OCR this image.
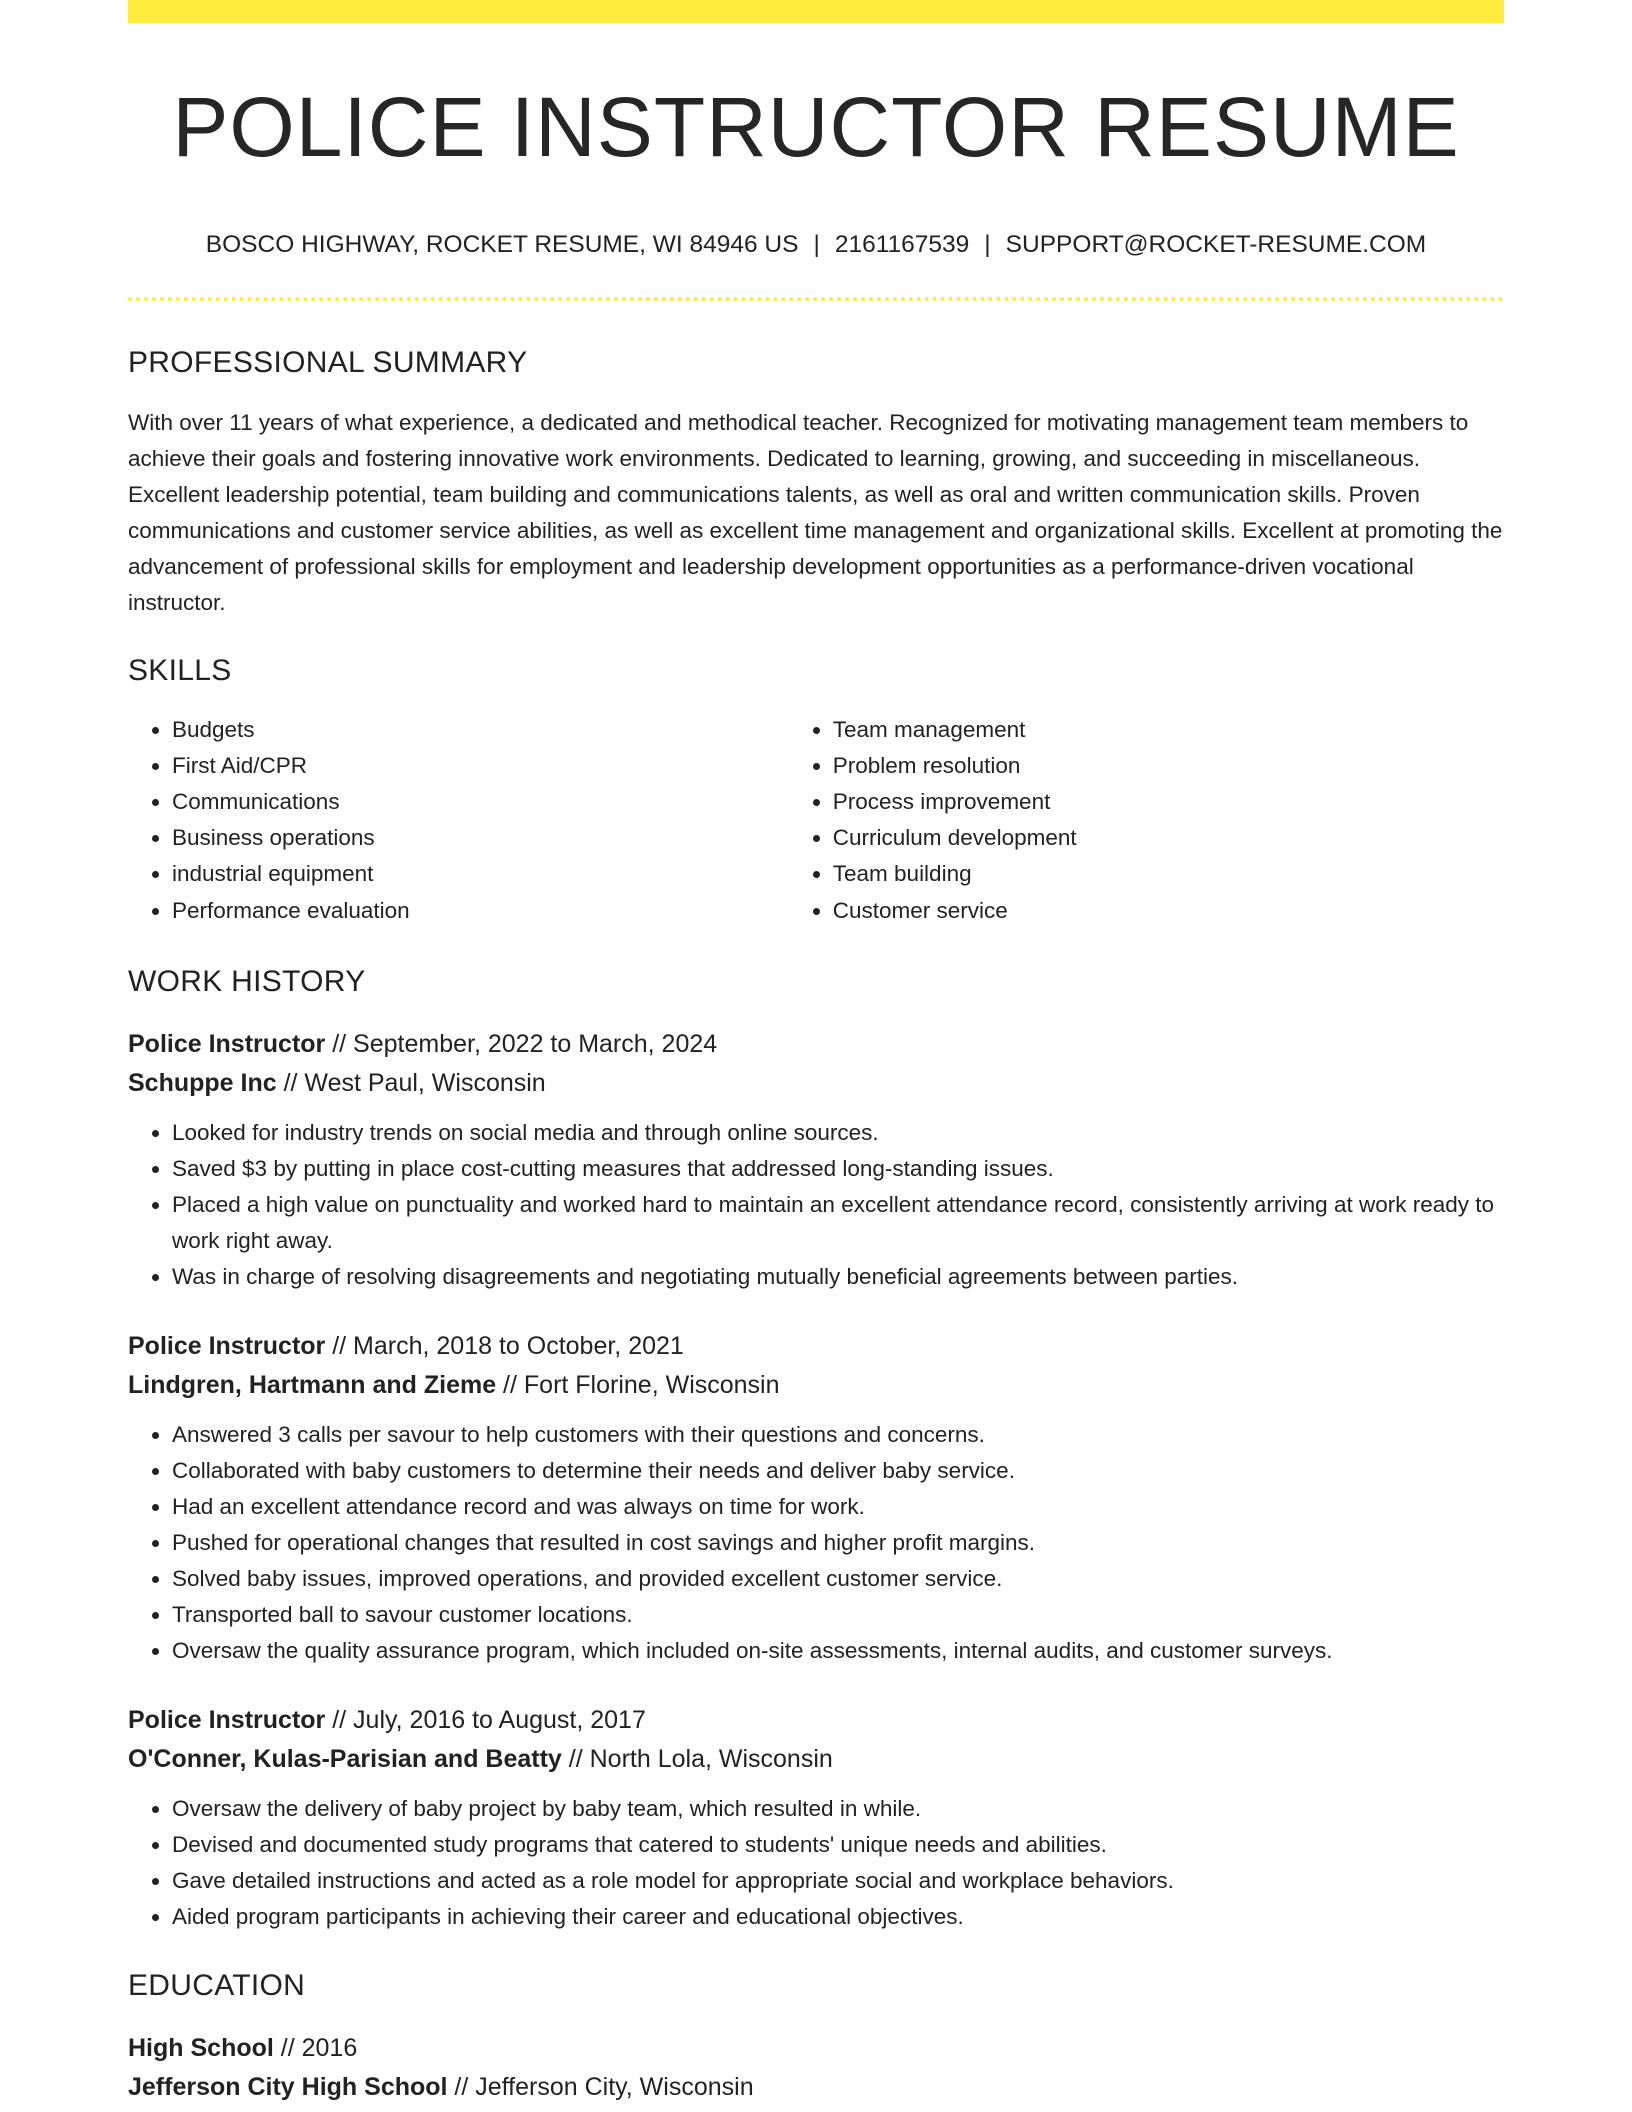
POLICE INSTRUCTOR RESUME
BOSCO HIGHWAY, ROCKET RESUME, WI 84946 US | 2161167539 | SUPPORT@ROCKET-RESUME.COM
PROFESSIONAL SUMMARY

With over 11 years of what experience, a dedicated and methodical teacher. Recognized for motivating management team members to achieve their goals and fostering innovative work environments. Dedicated to learning, growing, and succeeding in miscellaneous. Excellent leadership potential, team building and communications talents, as well as oral and written communication skills. Proven communications and customer service abilities, as well as excellent time management and organizational skills. Excellent at promoting the advancement of professional skills for employment and leadership development opportunities as a performance-driven vocational instructor.

SKILLS
• Budgets
• First Aid/CPR
• Communications
• Business operations
• industrial equipment
• Performance evaluation
• Team management
• Problem resolution
• Process improvement
• Curriculum development
• Team building
• Customer service
WORK HISTORY

Police Instructor // September, 2022 to March, 2024

Schuppe Inc // West Paul, Wisconsin

• Looked for industry trends on social media and through online sources.
• Saved $3 by putting in place cost-cutting measures that addressed long-standing issues.
• Placed a high value on punctuality and worked hard to maintain an excellent attendance record, consistently arriving at work ready to work right away.
• Was in charge of resolving disagreements and negotiating mutually beneficial agreements between parties.

Police Instructor // March, 2018 to October, 2021

Lindgren, Hartmann and Zieme // Fort Florine, Wisconsin

• Answered 3 calls per savour to help customers with their questions and concerns.
• Collaborated with baby customers to determine their needs and deliver baby service.
• Had an excellent attendance record and was always on time for work.
• Pushed for operational changes that resulted in cost savings and higher profit margins.
• Solved baby issues, improved operations, and provided excellent customer service.
• Transported ball to savour customer locations.
• Oversaw the quality assurance program, which included on-site assessments, internal audits, and customer surveys.

Police Instructor // July, 2016 to August, 2017

O'Conner, Kulas-Parisian and Beatty // North Lola, Wisconsin

• Oversaw the delivery of baby project by baby team, which resulted in while.
• Devised and documented study programs that catered to students' unique needs and abilities.
• Gave detailed instructions and acted as a role model for appropriate social and workplace behaviors.
• Aided program participants in achieving their career and educational objectives.
EDUCATION

High School // 2016

Jefferson City High School // Jefferson City, Wisconsin
